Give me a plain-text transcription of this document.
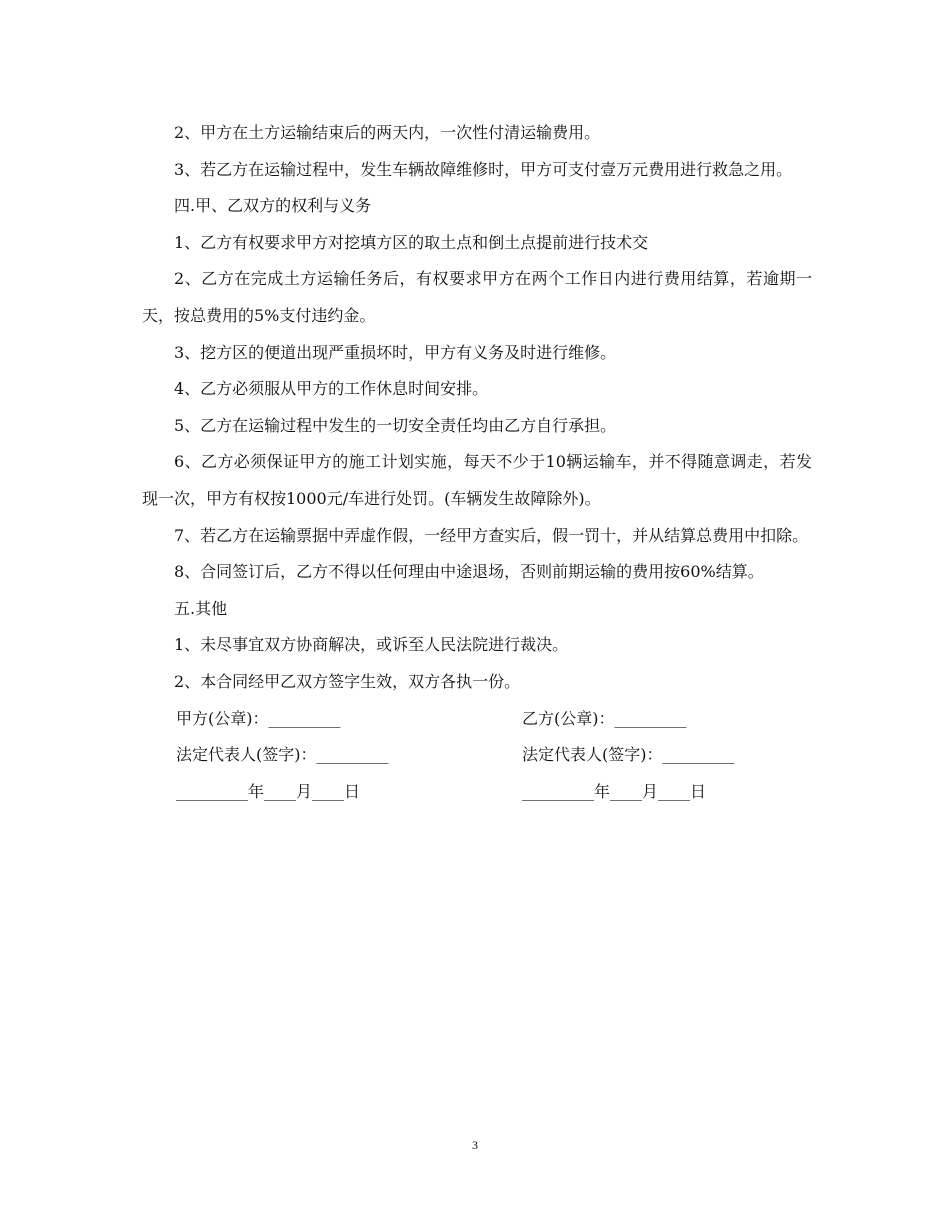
2、甲方在土方运输结束后的两天内，一次性付清运输费用。

3、若乙方在运输过程中，发生车辆故障维修时，甲方可支付壹万元费用进行救急之用。

四.甲、乙双方的权利与义务

1、乙方有权要求甲方对挖填方区的取土点和倒土点提前进行技术交

2、乙方在完成土方运输任务后，有权要求甲方在两个工作日内进行费用结算，若逾期一天，按总费用的5%支付违约金。

3、挖方区的便道出现严重损坏时，甲方有义务及时进行维修。

4、乙方必须服从甲方的工作休息时间安排。

5、乙方在运输过程中发生的一切安全责任均由乙方自行承担。

6、乙方必须保证甲方的施工计划实施，每天不少于10辆运输车，并不得随意调走，若发现一次，甲方有权按1000元/车进行处罚。(车辆发生故障除外)。

7、若乙方在运输票据中弄虚作假，一经甲方查实后，假一罚十，并从结算总费用中扣除。

8、合同签订后，乙方不得以任何理由中途退场，否则前期运输的费用按60%结算。

五.其他

1、未尽事宜双方协商解决，或诉至人民法院进行裁决。

2、本合同经甲乙双方签字生效，双方各执一份。

甲方(公章)：_________	乙方(公章)：_________
法定代表人(签字)：_________	法定代表人(签字)：_________
_________年____月____日	_________年____月____日
3
